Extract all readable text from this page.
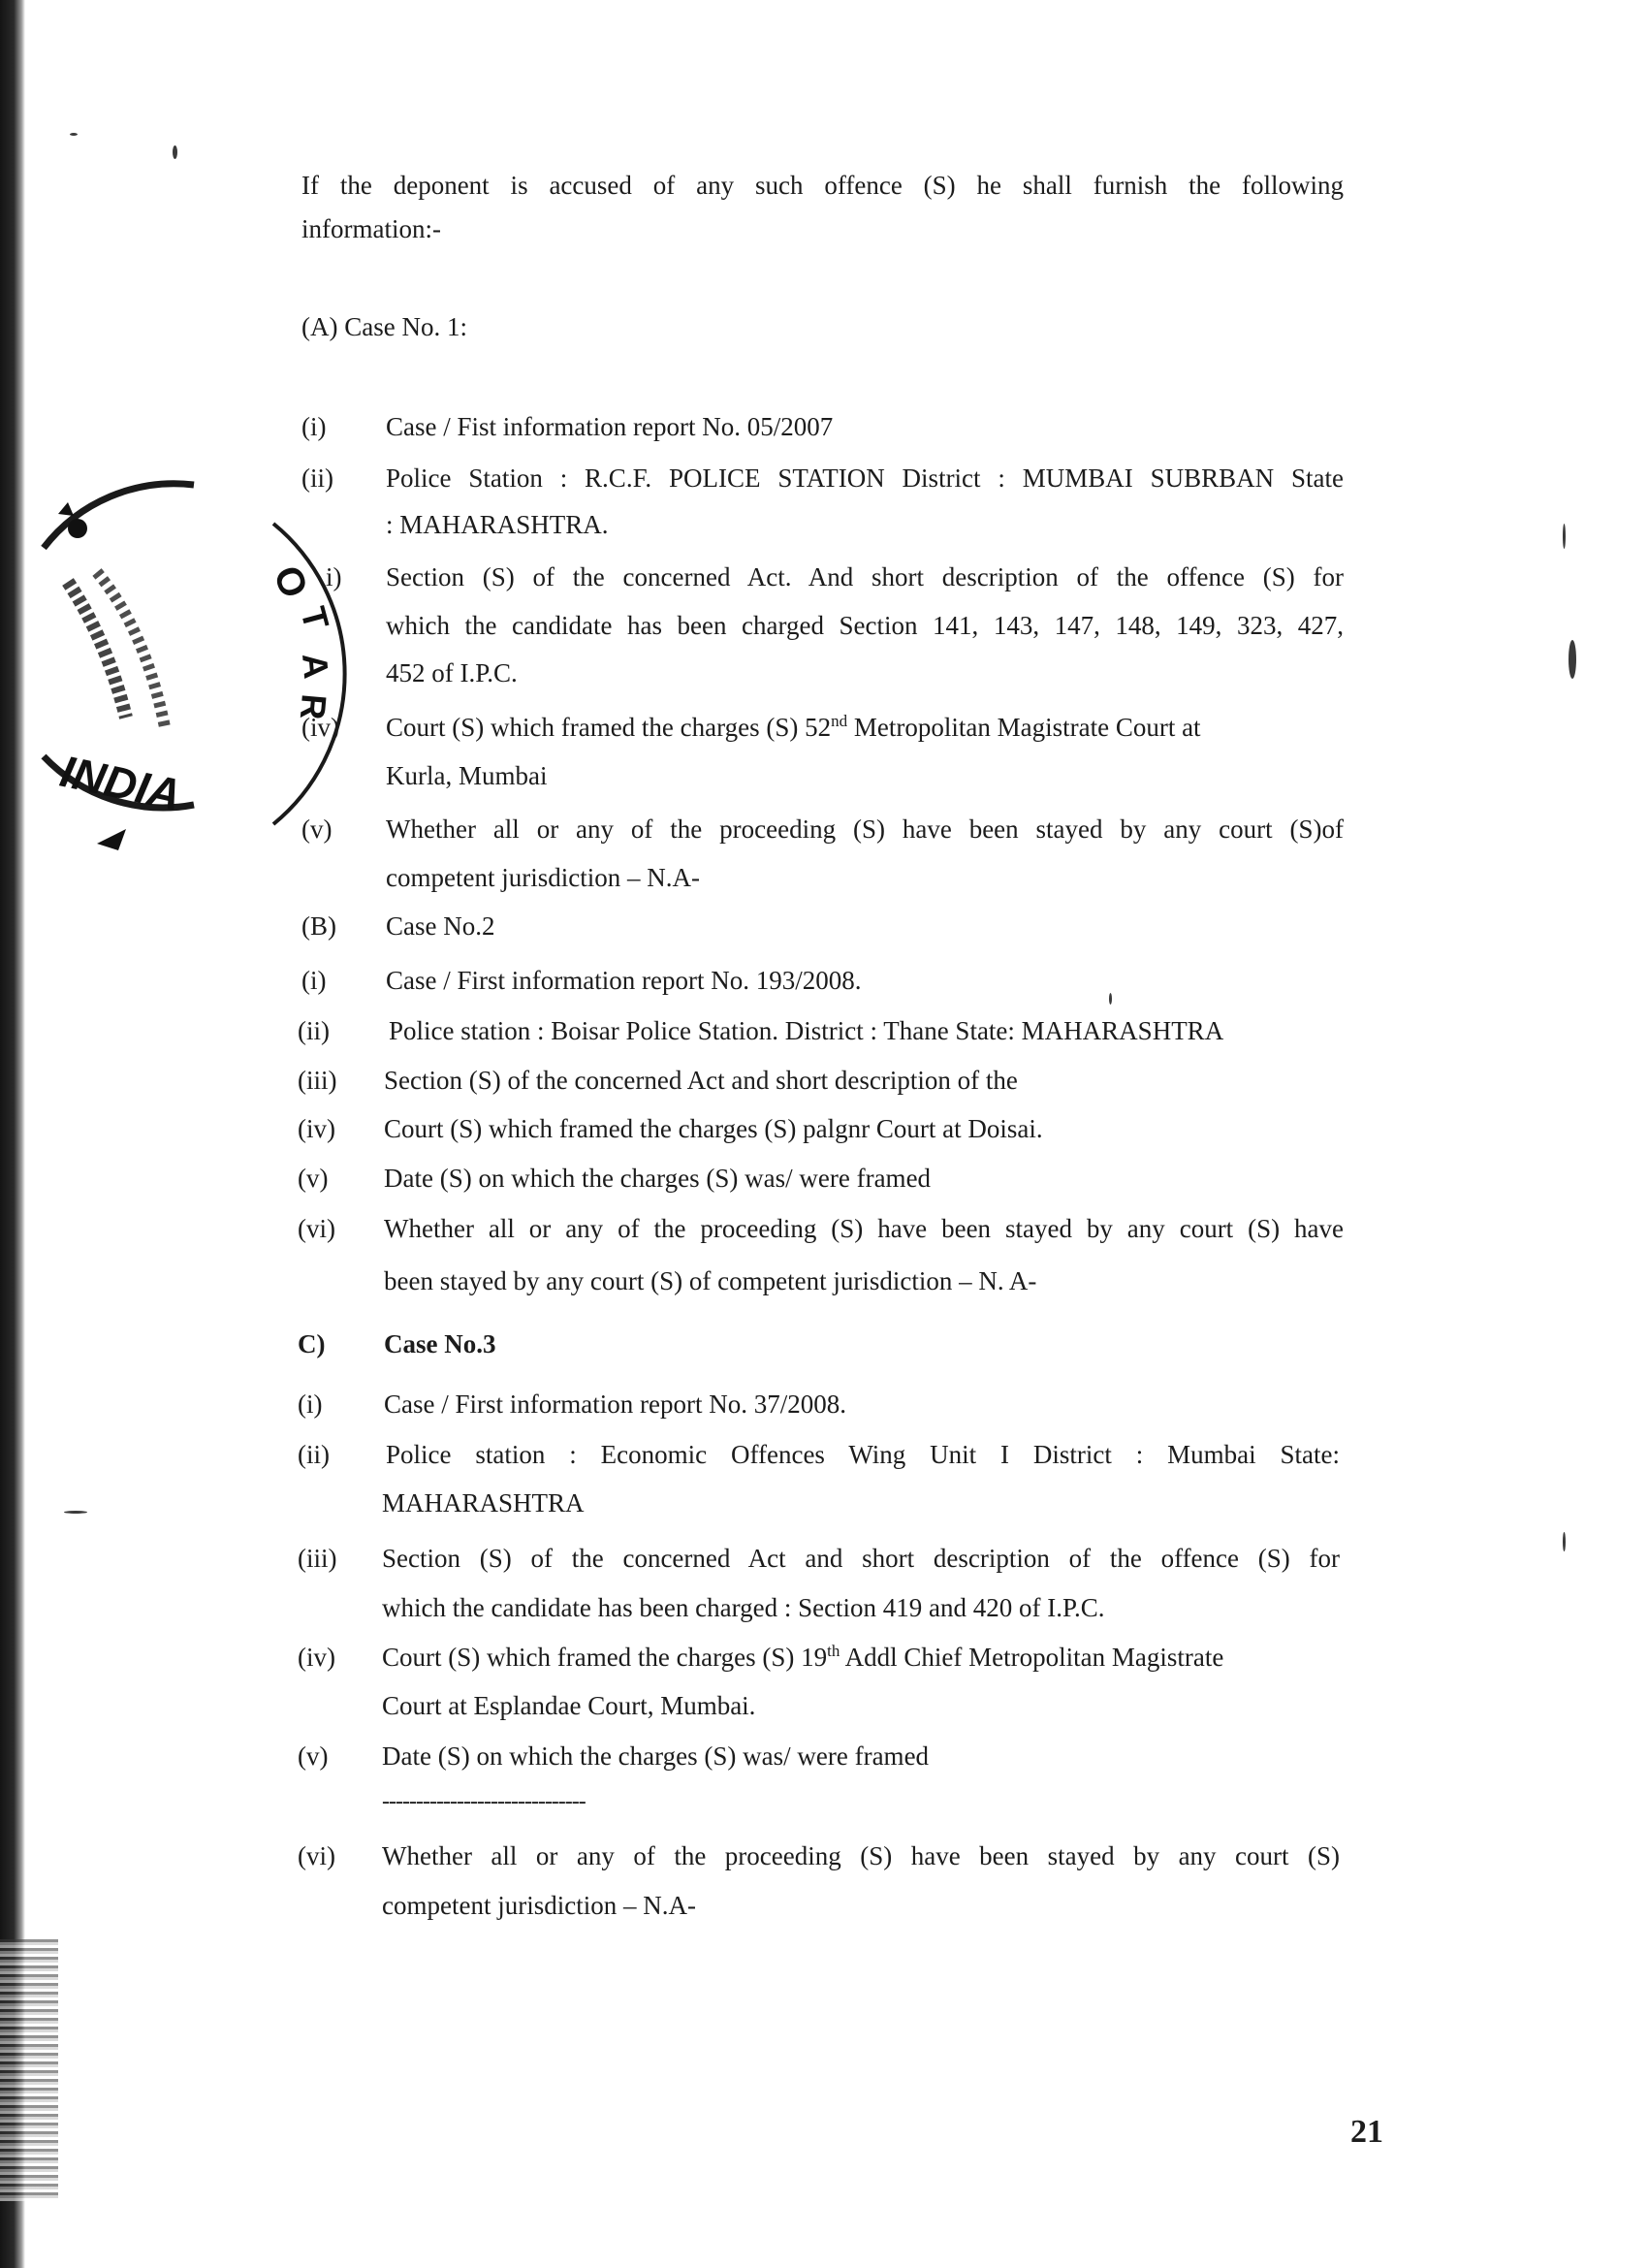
INDIA
O
T
A
R
If the deponent is accused of any such offence (S) he shall furnish the following
information:-
(A) Case No. 1:
(i) Case / Fist information report No. 05/2007
(ii) Police Station : R.C.F. POLICE STATION District : MUMBAI SUBRBAN State
: MAHARASHTRA.
i) Section (S) of the concerned Act. And short description of the offence (S) for
which the candidate has been charged Section 141, 143, 147, 148, 149, 323, 427,
452 of I.P.C.
(iv) Court (S) which framed the charges (S) 52nd Metropolitan Magistrate Court at
Kurla, Mumbai
(v) Whether all or any of the proceeding (S) have been stayed by any court (S)of
competent jurisdiction – N.A-
(B) Case No.2
(i) Case / First information report No. 193/2008.
(ii) Police station : Boisar Police Station. District : Thane State: MAHARASHTRA
(iii) Section (S) of the concerned Act and short description of the
(iv) Court (S) which framed the charges (S) palgnr Court at Doisai.
(v) Date (S) on which the charges (S) was/ were framed
(vi) Whether all or any of the proceeding (S) have been stayed by any court (S) have
been stayed by any court (S) of competent jurisdiction – N. A-
C) Case No.3
(i) Case / First information report No. 37/2008.
(ii) Police station : Economic Offences Wing Unit I District : Mumbai State:
MAHARASHTRA
(iii) Section (S) of the concerned Act and short description of the offence (S) for
which the candidate has been charged : Section 419 and 420 of I.P.C.
(iv) Court (S) which framed the charges (S) 19th Addl Chief Metropolitan Magistrate
Court at Esplandae Court, Mumbai.
(v) Date (S) on which the charges (S) was/ were framed
------------------------------
(vi) Whether all or any of the proceeding (S) have been stayed by any court (S)
competent jurisdiction – N.A-
21
